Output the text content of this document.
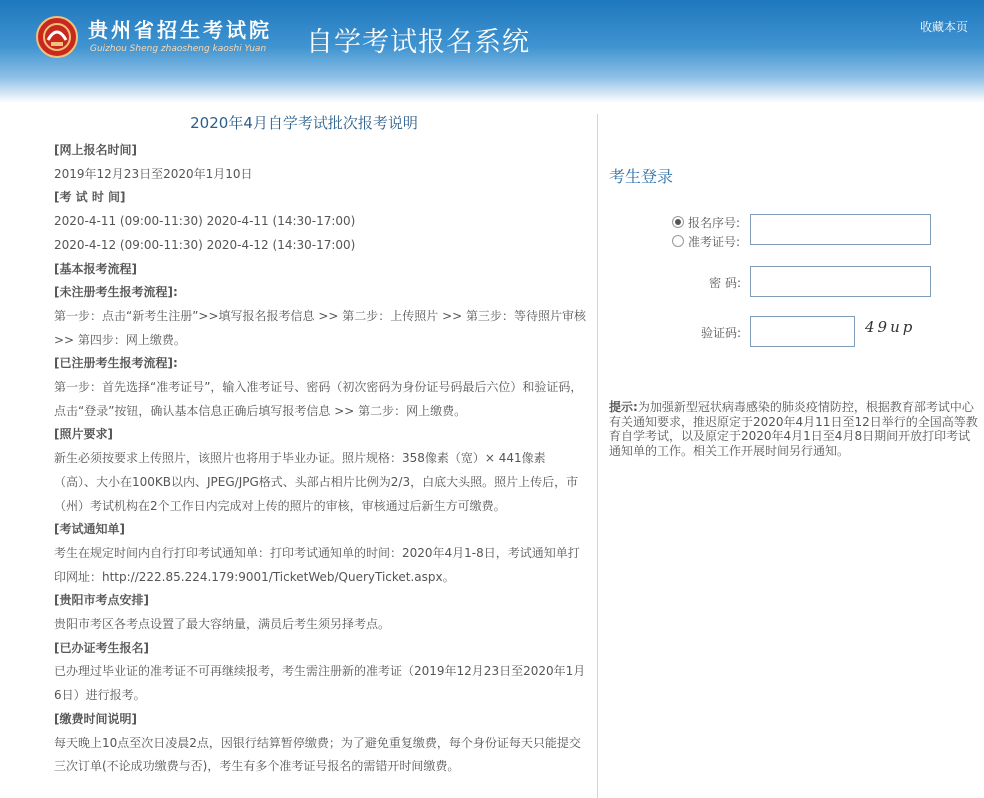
贵州省招生考试院
Guizhou Sheng zhaosheng kaoshi Yuan 自学考试报名系统	收藏本页
2020年4月自学考试批次报考说明

[网上报名时间]

2019年12月23日至2020年1月10日

[考 试 时 间]

2020-4-11 (09:00-11:30) 2020-4-11 (14:30-17:00)

2020-4-12 (09:00-11:30) 2020-4-12 (14:30-17:00)

[基本报考流程]

[未注册考生报考流程]:

第一步：点击“新考生注册”>>填写报名报考信息 >> 第二步：上传照片 >> 第三步：等待照片审核

>> 第四步：网上缴费。

[已注册考生报考流程]:

第一步：首先选择“准考证号”，输入准考证号、密码（初次密码为身份证号码最后六位）和验证码，

点击“登录”按钮，确认基本信息正确后填写报考信息 >> 第二步：网上缴费。

[照片要求]

新生必须按要求上传照片，该照片也将用于毕业办证。照片规格：358像素（宽）× 441像素

（高）、大小在100KB以内、JPEG/JPG格式、头部占相片比例为2/3，白底大头照。照片上传后，市

（州）考试机构在2个工作日内完成对上传的照片的审核，审核通过后新生方可缴费。

[考试通知单]

考生在规定时间内自行打印考试通知单：打印考试通知单的时间：2020年4月1-8日，考试通知单打

印网址：http://222.85.224.179:9001/TicketWeb/QueryTicket.aspx。

[贵阳市考点安排]

贵阳市考区各考点设置了最大容纳量，满员后考生须另择考点。

[已办证考生报名]

已办理过毕业证的准考证不可再继续报考，考生需注册新的准考证（2019年12月23日至2020年1月

6日）进行报考。

[缴费时间说明]

每天晚上10点至次日凌晨2点，因银行结算暂停缴费；为了避免重复缴费，每个身份证每天只能提交

三次订单(不论成功缴费与否)，考生有多个准考证号报名的需错开时间缴费。

考生登录
报名序号:
准考证号:
密 码:
验证码:	49up
提示:为加强新型冠状病毒感染的肺炎疫情防控，根据教育部考试中心有关通知要求，推迟原定于2020年4月11日至12日举行的全国高等教育自学考试，以及原定于2020年4月1日至4月8日期间开放打印考试通知单的工作。相关工作开展时间另行通知。
